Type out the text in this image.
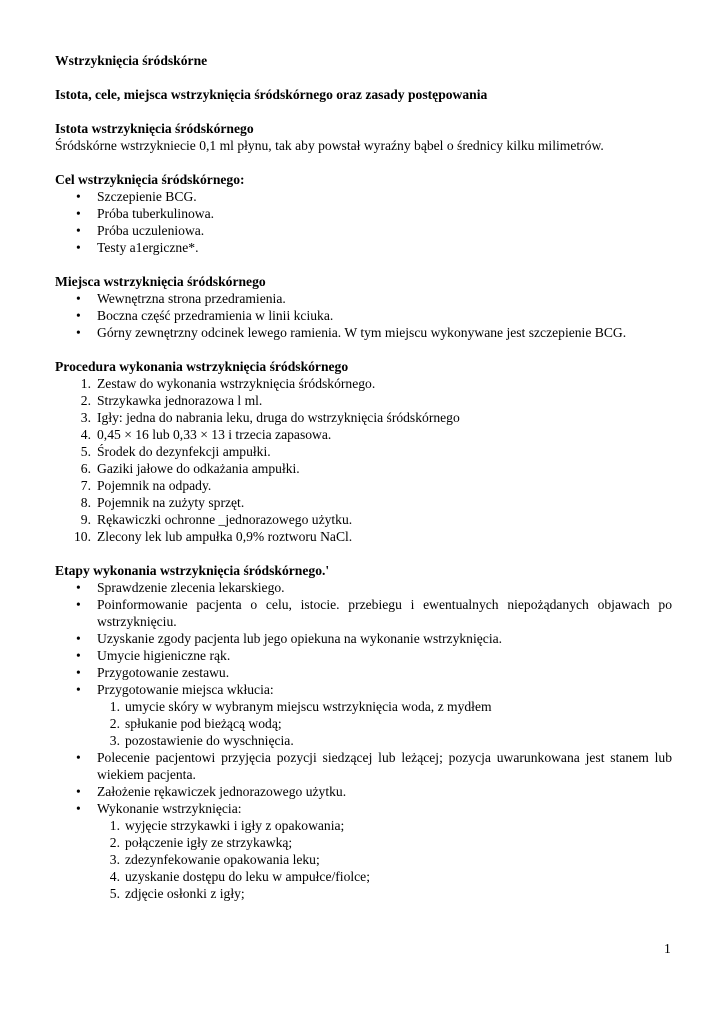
Wstrzyknięcia śródskórne

Istota, cele, miejsca wstrzyknięcia śródskórnego oraz zasady postępowania

Istota wstrzyknięcia śródskórnego

Śródskórne wstrzykniecie 0,1 ml płynu, tak aby powstał wyraźny bąbel o średnicy kilku milimetrów.

Cel wstrzyknięcia śródskórnego:

• Szczepienie BCG.
• Próba tuberkulinowa.
• Próba uczuleniowa.
• Testy a1ergiczne*.

Miejsca wstrzyknięcia śródskórnego

• Wewnętrzna strona przedramienia.
• Boczna część przedramienia w linii kciuka.
• Górny zewnętrzny odcinek lewego ramienia. W tym miejscu wykonywane jest szczepienie BCG.

Procedura wykonania wstrzyknięcia śródskórnego

1. Zestaw do wykonania wstrzyknięcia śródskórnego.
2. Strzykawka jednorazowa l ml.
3. Igły: jedna do nabrania leku, druga do wstrzyknięcia śródskórnego
4. 0,45 × 16 lub 0,33 × 13 i trzecia zapasowa.
5. Środek do dezynfekcji ampułki.
6. Gaziki jałowe do odkażania ampułki.
7. Pojemnik na odpady.
8. Pojemnik na zużyty sprzęt.
9. Rękawiczki ochronne _jednorazowego użytku.
10. Zlecony lek lub ampułka 0,9% roztworu NaCl.

Etapy wykonania wstrzyknięcia śródskórnego.'

• Sprawdzenie zlecenia lekarskiego.
• Poinformowanie pacjenta o celu, istocie. przebiegu i ewentualnych niepożądanych objawach po wstrzyknięciu.
• Uzyskanie zgody pacjenta lub jego opiekuna na wykonanie wstrzyknięcia.
• Umycie higieniczne rąk.
• Przygotowanie zestawu.
• Przygotowanie miejsca wkłucia:
1. umycie skóry w wybranym miejscu wstrzyknięcia woda, z mydłem
2. spłukanie pod bieżącą wodą;
3. pozostawienie do wyschnięcia.
• Polecenie pacjentowi przyjęcia pozycji siedzącej lub leżącej; pozycja uwarunkowana jest stanem lub wiekiem pacjenta.
• Założenie rękawiczek jednorazowego użytku.
• Wykonanie wstrzyknięcia:
1. wyjęcie strzykawki i igły z opakowania;
2. połączenie igły ze strzykawką;
3. zdezynfekowanie opakowania leku;
4. uzyskanie dostępu do leku w ampułce/fiolce;
5. zdjęcie osłonki z igły;
1
